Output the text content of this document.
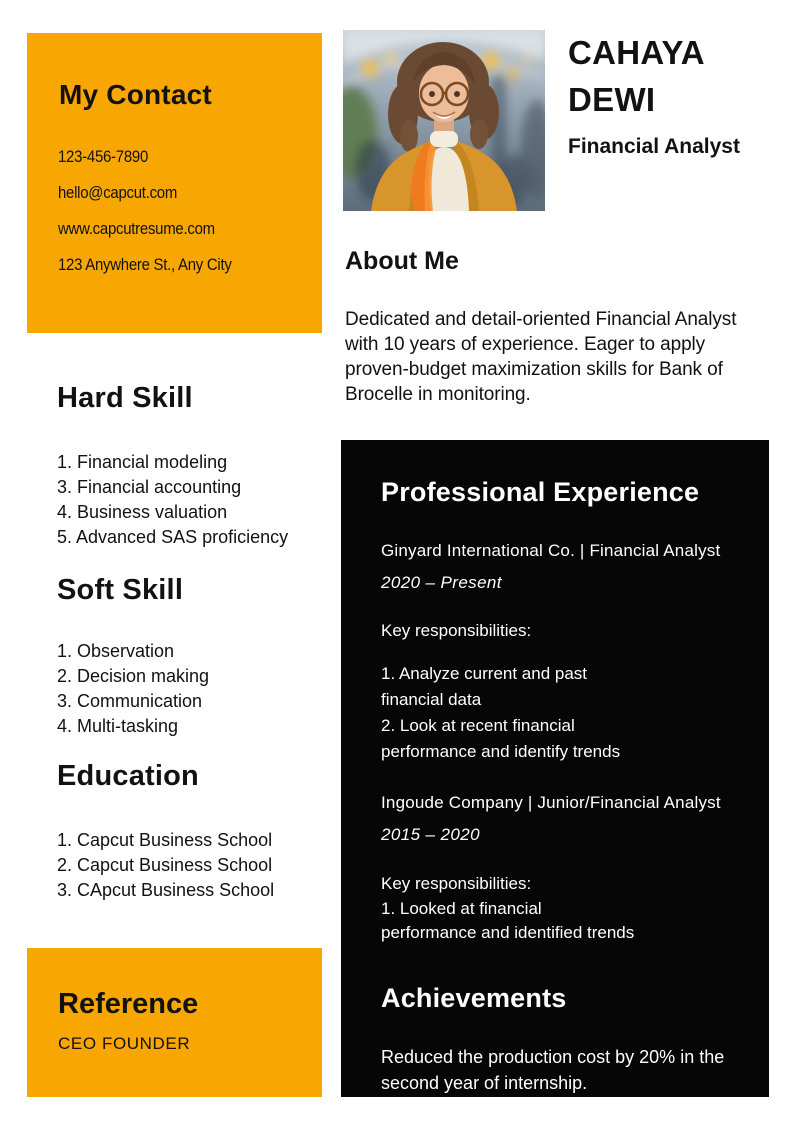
My Contact
123-456-7890
hello@capcut.com
www.capcutresume.com
123 Anywhere St., Any City
Hard Skill
1. Financial modeling
3. Financial accounting
4. Business valuation
5. Advanced SAS proficiency
Soft Skill
1. Observation
2. Decision making
3. Communication
4. Multi-tasking
Education
1. Capcut Business School
2. Capcut Business School
3. CApcut Business School
Reference
CEO FOUNDER
CAHAYA
DEWI
Financial Analyst
About Me

Dedicated and detail-oriented Financial Analyst with 10 years of experience. Eager to apply proven-budget maximization skills for Bank of Brocelle in monitoring.

Professional Experience
Ginyard International Co. | Financial Analyst
2020 – Present
Key responsibilities:
1. Analyze current and past
financial data
2. Look at recent financial
performance and identify trends
Ingoude Company | Junior/Financial Analyst
2015 – 2020
Key responsibilities:
1. Looked at financial
performance and identified trends
Achievements

Reduced the production cost by 20% in the second year of internship.
